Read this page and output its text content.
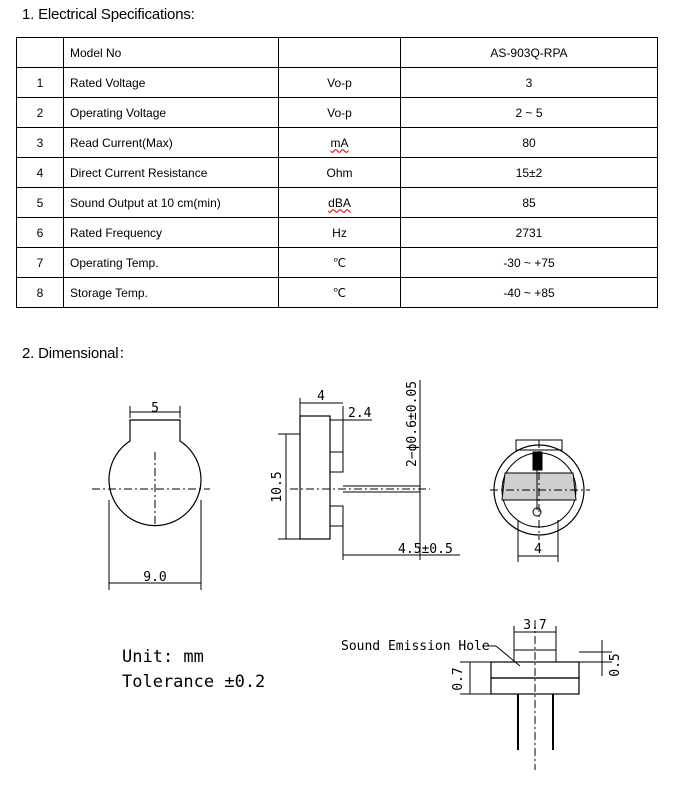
1. Electrical Specifications:
	Model No		AS-903Q-RPA
1	Rated Voltage	Vo-p	3
2	Operating Voltage	Vo-p	2 ~ 5
3	Read Current(Max)	mA	80
4	Direct Current Resistance	Ohm	15±2
5	Sound Output at 10 cm(min)	dBA	85
6	Rated Frequency	Hz	2731
7	Operating Temp.	℃	-30 ~ +75
8	Storage Temp.	℃	-40 ~ +85
2. Dimensional：
5
9.0
4
2.4
10.5
2−ϕ0.6±0.05
4.5±0.5	4
3.7
Sound Emission Hole
0.7
0.5
Unit: mm
Tolerance ±0.2
